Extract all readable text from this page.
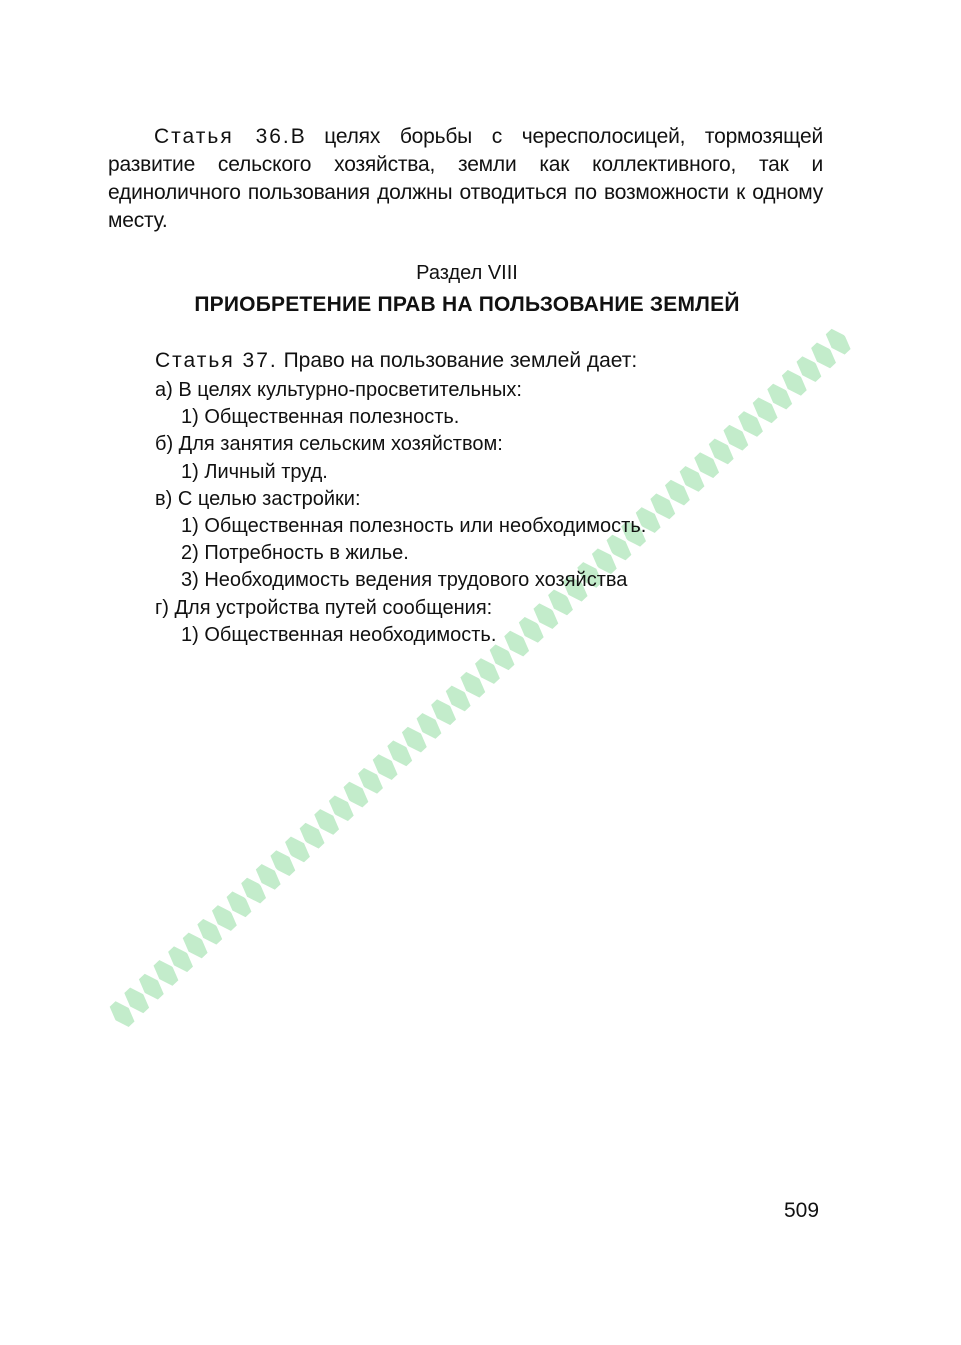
Статья 36.В целях борьбы с чересполосицей, тормозящей развитие сельского хозяйства, земли как коллективного, так и единоличного пользования должны отводиться по возможности к одному месту.

Раздел VIII
ПРИОБРЕТЕНИЕ ПРАВ НА ПОЛЬЗОВАНИЕ ЗЕМЛЕЙ
Статья 37. Право на пользование землей дает:
а) В целях культурно-просветительных:
1) Общественная полезность.
б) Для занятия сельским хозяйством:
1) Личный труд.
в) С целью застройки:
1) Общественная полезность или необходимость.
2) Потребность в жилье.
3) Необходимость ведения трудового хозяйства
г) Для устройства путей сообщения:
1) Общественная необходимость.
509
